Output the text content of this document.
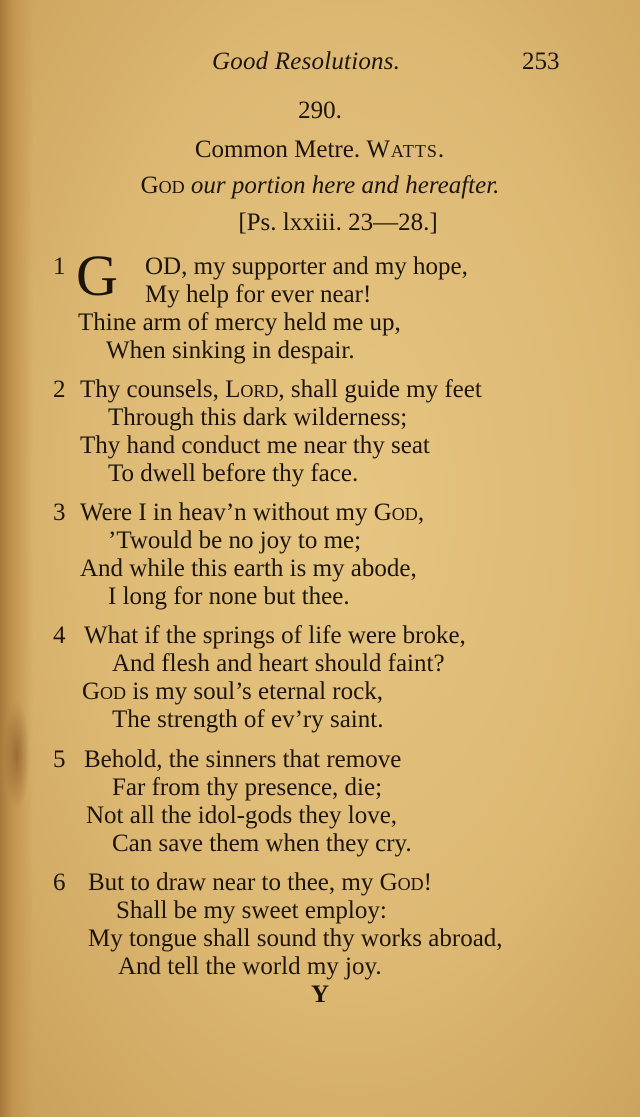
Good Resolutions.	253
290.
Common Metre. Watts.
God our portion here and hereafter.
[Ps. lxxiii. 23—28.]
1 G OD, my supporter and my hope,
My help for ever near!
Thine arm of mercy held me up,
When sinking in despair.
2 Thy counsels, Lord, shall guide my feet
Through this dark wilderness;
Thy hand conduct me near thy seat
To dwell before thy face.
3 Were I in heav’n without my God,
’Twould be no joy to me;
And while this earth is my abode,
I long for none but thee.
4 What if the springs of life were broke,
And flesh and heart should faint?
God is my soul’s eternal rock,
The strength of ev’ry saint.
5 Behold, the sinners that remove
Far from thy presence, die;
Not all the idol-gods they love,
Can save them when they cry.
6 But to draw near to thee, my God!
Shall be my sweet employ:
My tongue shall sound thy works abroad,
And tell the world my joy.
Y
